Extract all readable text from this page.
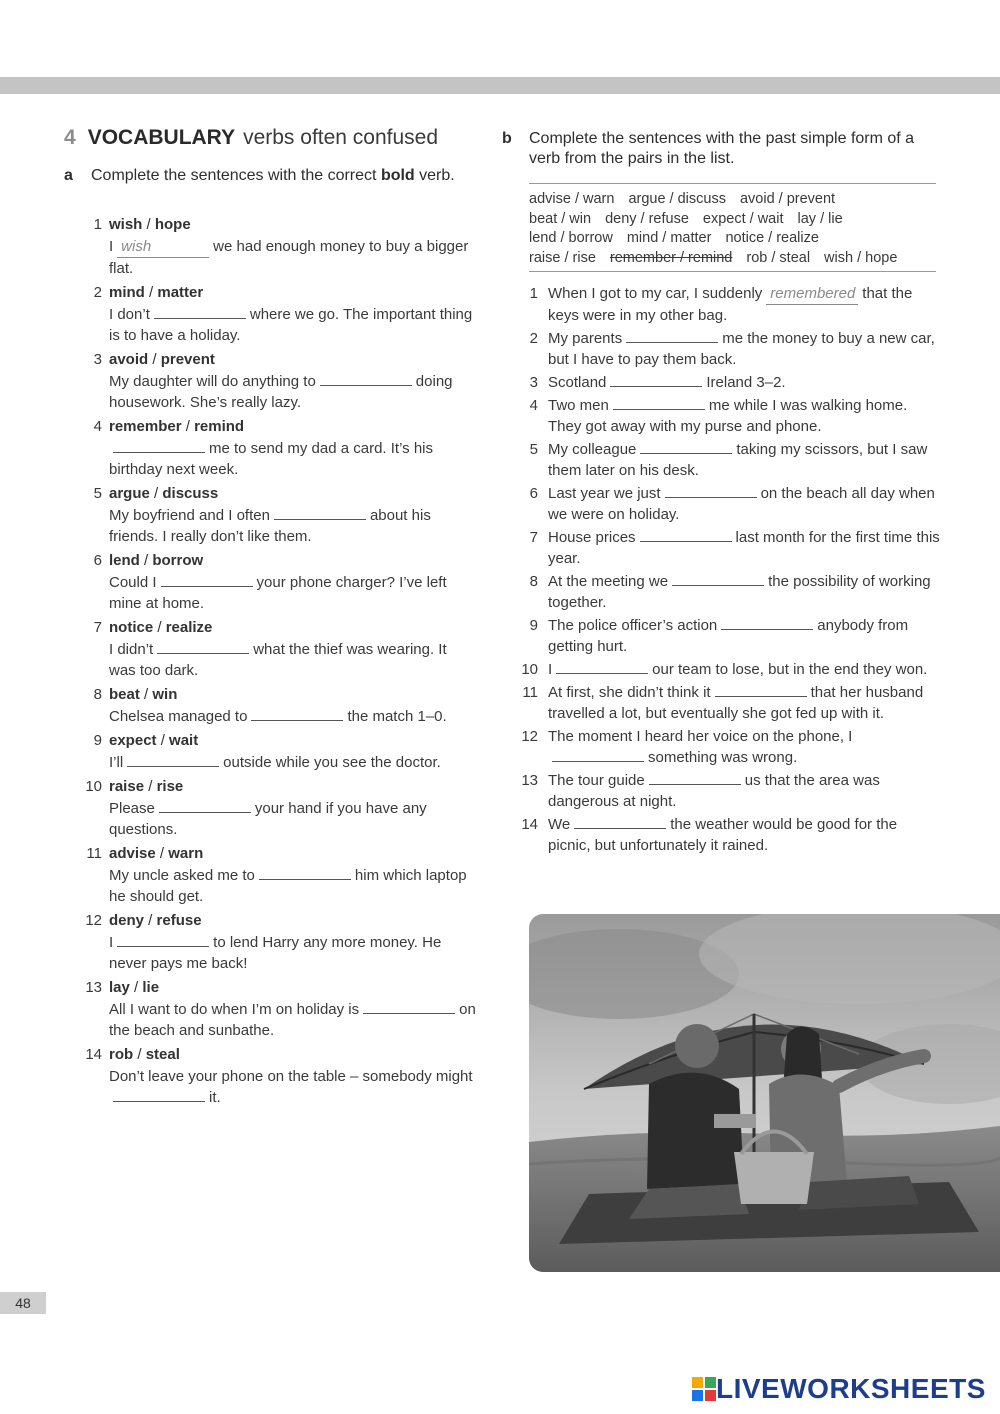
4 VOCABULARY verbs often confused
a Complete the sentences with the correct bold verb.
1 wish / hope
I wish	we had enough money to buy a bigger flat.
2 mind / matter
I don’t	where we go. The important thing is to have a holiday.
3 avoid / prevent
My daughter will do anything to	doing housework. She’s really lazy.
4 remember / remind
me to send my dad a card. It’s his birthday next week.
5 argue / discuss
My boyfriend and I often	about his friends. I really don’t like them.
6 lend / borrow
Could I	your phone charger? I’ve left mine at home.
7 notice / realize
I didn’t	what the thief was wearing. It was too dark.
8 beat / win
Chelsea managed to	the match 1–0.
9 expect / wait
I’ll	outside while you see the doctor.
10 raise / rise
Please	your hand if you have any questions.
11 advise / warn
My uncle asked me to	him which laptop he should get.
12 deny / refuse
I	to lend Harry any more money. He never pays me back!
13 lay / lie
All I want to do when I’m on holiday is	on the beach and sunbathe.
14 rob / steal
Don’t leave your phone on the table – somebody mightit.
b Complete the sentences with the past simple form of a verb from the pairs in the list.
advise / warn argue / discuss avoid / prevent
beat / win deny / refuse expect / wait lay / lie
lend / borrow mind / matter notice / realize
raise / rise remember / remind rob / steal wish / hope
1 When I got to my car, I suddenly remembered that the keys were in my other bag.
2 My parents	me the money to buy a new car, but I have to pay them back.
3 Scotland	Ireland 3–2.
4 Two men	me while I was walking home. They got away with my purse and phone.
5 My colleague	taking my scissors, but I saw them later on his desk.
6 Last year we just	on the beach all day when we were on holiday.
7 House prices	last month for the first time this year.
8 At the meeting we	the possibility of working together.
9 The police officer’s action	anybody from getting hurt.
10 I	our team to lose, but in the end they won.
11 At first, she didn’t think it	that her husband travelled a lot, but eventually she got fed up with it.
12 The moment I heard her voice on the phone, Isomething was wrong.
13 The tour guide	us that the area was dangerous at night.
14 We	the weather would be good for the picnic, but unfortunately it rained.
48
LIVEWORKSHEETS
